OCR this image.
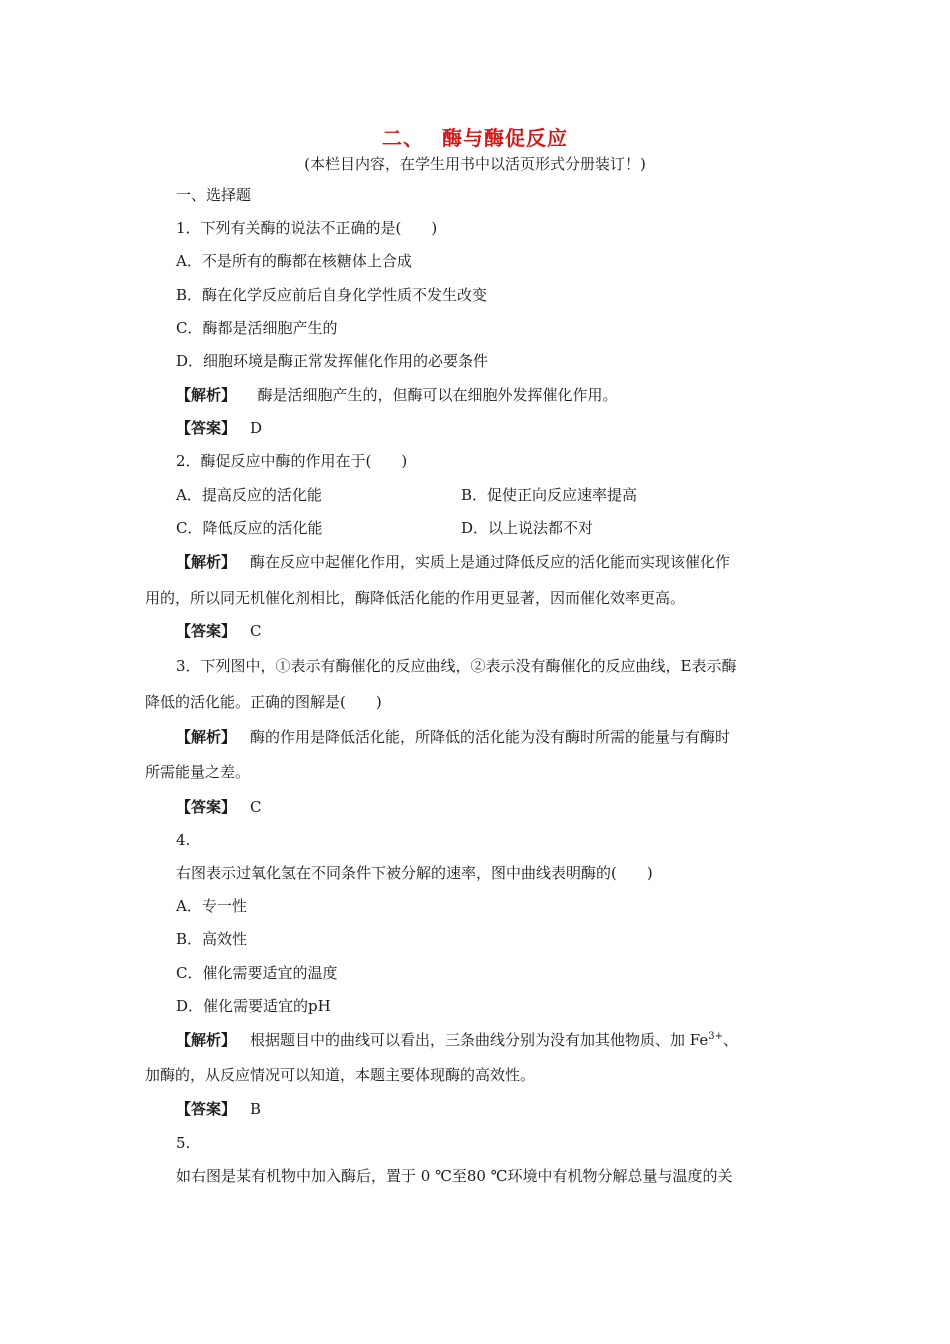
二、 酶与酶促反应
(本栏目内容，在学生用书中以活页形式分册装订！)
一、选择题
1．下列有关酶的说法不正确的是(　　)
A．不是所有的酶都在核糖体上合成
B．酶在化学反应前后自身化学性质不发生改变
C．酶都是活细胞产生的
D．细胞环境是酶正常发挥催化作用的必要条件
【解析】　酶是活细胞产生的，但酶可以在细胞外发挥催化作用。
【答案】 D
2．酶促反应中酶的作用在于(　　)
A．提高反应的活化能	B．促使正向反应速率提高
C．降低反应的活化能	D．以上说法都不对
【解析】 酶在反应中起催化作用，实质上是通过降低反应的活化能而实现该催化作
用的，所以同无机催化剂相比，酶降低活化能的作用更显著，因而催化效率更高。
【答案】 C
3．下列图中，①表示有酶催化的反应曲线，②表示没有酶催化的反应曲线，E表示酶
降低的活化能。正确的图解是(　　)
【解析】 酶的作用是降低活化能，所降低的活化能为没有酶时所需的能量与有酶时
所需能量之差。
【答案】 C
4.
右图表示过氧化氢在不同条件下被分解的速率，图中曲线表明酶的(　　)
A．专一性
B．高效性
C．催化需要适宜的温度
D．催化需要适宜的pH
【解析】 根据题目中的曲线可以看出，三条曲线分别为没有加其他物质、加 $Fe^{3+}$、
加酶的，从反应情况可以知道，本题主要体现酶的高效性。
【答案】 B
5.
如右图是某有机物中加入酶后，置于 0 ℃至80 ℃环境中有机物分解总量与温度的关
